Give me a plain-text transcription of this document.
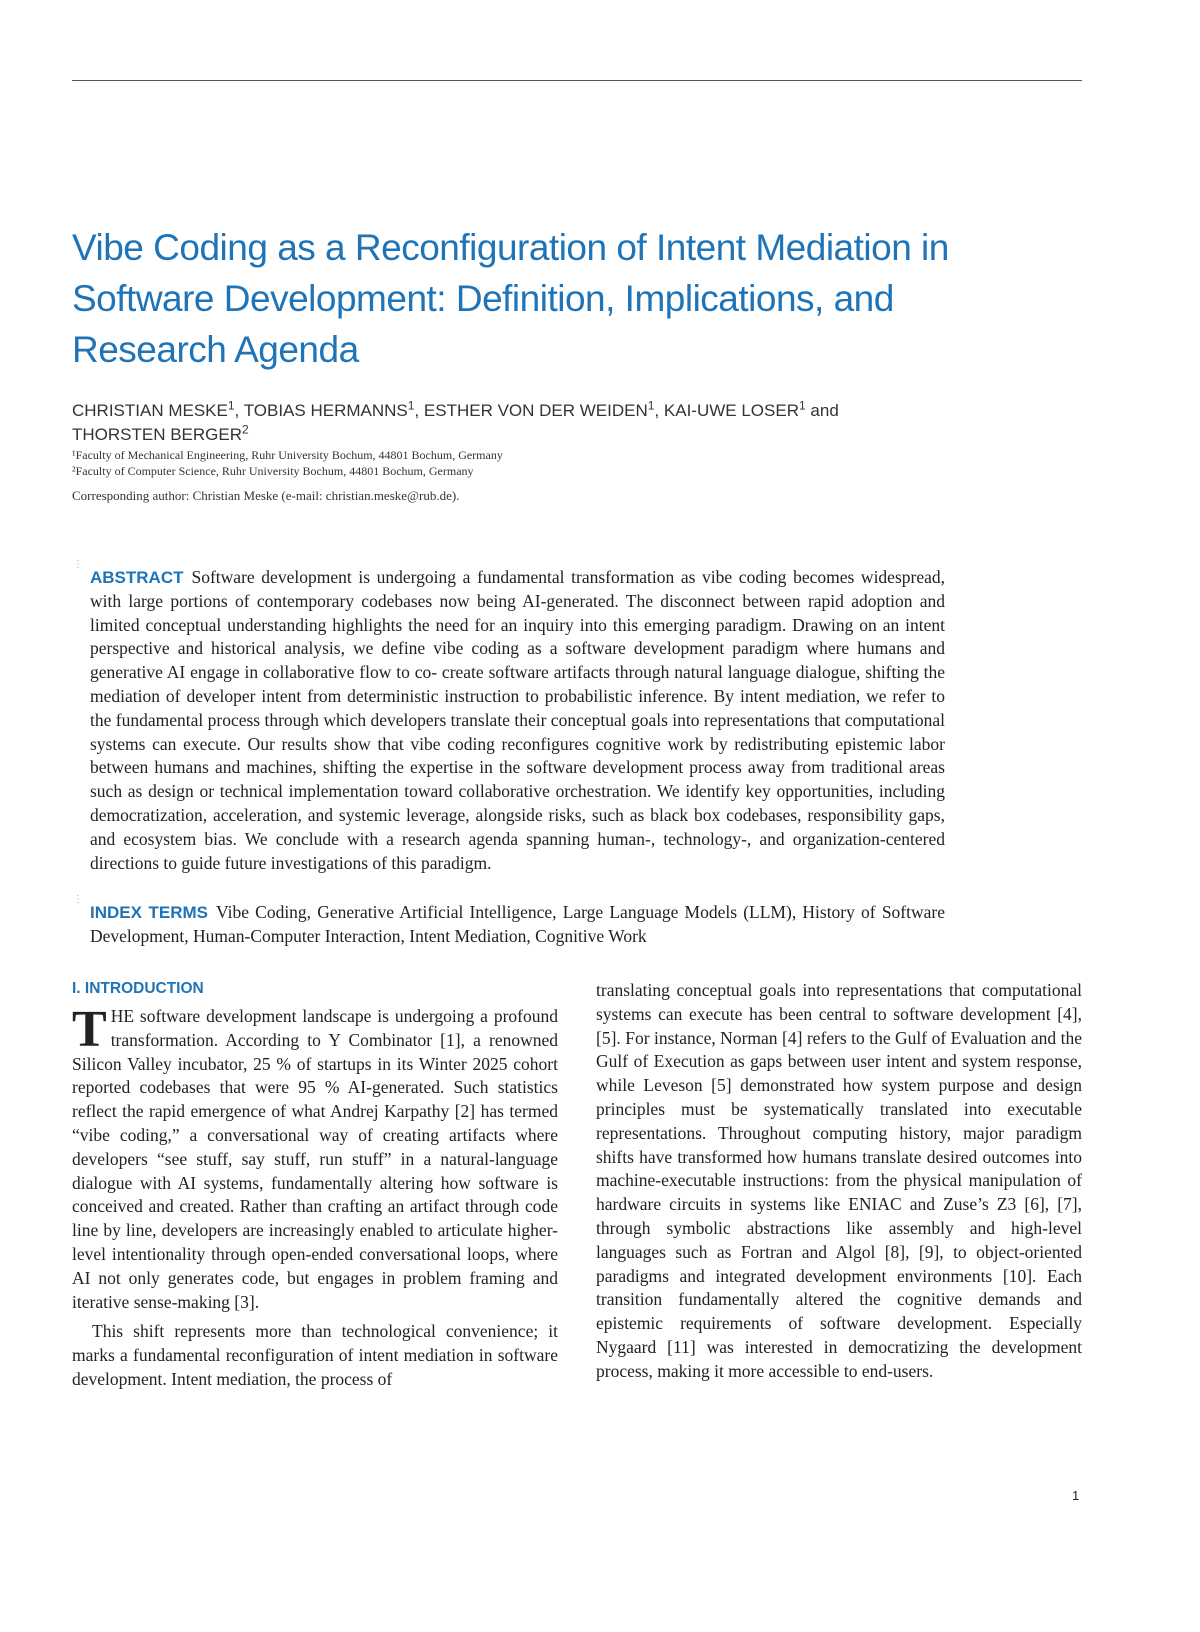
Vibe Coding as a Reconfiguration of Intent Mediation in Software Development: Definition, Implications, and Research Agenda
CHRISTIAN MESKE$^1$, TOBIAS HERMANNS$^1$, ESTHER VON DER WEIDEN$^1$, KAI-UWE LOSER$^1$ and
THORSTEN BERGER$^2$
¹Faculty of Mechanical Engineering, Ruhr University Bochum, 44801 Bochum, Germany
²Faculty of Computer Science, Ruhr University Bochum, 44801 Bochum, Germany
Corresponding author: Christian Meske (e-mail: christian.meske@rub.de).
⋮
ABSTRACT Software development is undergoing a fundamental transformation as vibe coding becomes widespread, with large portions of contemporary codebases now being AI-generated. The disconnect between rapid adoption and limited conceptual understanding highlights the need for an inquiry into this emerging paradigm. Drawing on an intent perspective and historical analysis, we define vibe coding as a software development paradigm where humans and generative AI engage in collaborative flow to co- create software artifacts through natural language dialogue, shifting the mediation of developer intent from deterministic instruction to probabilistic inference. By intent mediation, we refer to the fundamental process through which developers translate their conceptual goals into representations that computational systems can execute. Our results show that vibe coding reconfigures cognitive work by redistributing epistemic labor between humans and machines, shifting the expertise in the software development process away from traditional areas such as design or technical implementation toward collaborative orchestration. We identify key opportunities, including democratization, acceleration, and systemic leverage, alongside risks, such as black box codebases, responsibility gaps, and ecosystem bias. We conclude with a research agenda spanning human-, technology-, and organization-centered directions to guide future investigations of this paradigm.
⋮
INDEX TERMS Vibe Coding, Generative Artificial Intelligence, Large Language Models (LLM), History of Software Development, Human-Computer Interaction, Intent Mediation, Cognitive Work
I. INTRODUCTION

THE software development landscape is undergoing a profound transformation. According to Y Combinator [1], a renowned Silicon Valley incubator, 25 % of startups in its Winter 2025 cohort reported codebases that were 95 % AI-generated. Such statistics reflect the rapid emergence of what Andrej Karpathy [2] has termed “vibe coding,” a conversational way of creating artifacts where developers “see stuff, say stuff, run stuff” in a natural-language dialogue with AI systems, fundamentally altering how software is conceived and created. Rather than crafting an artifact through code line by line, developers are increasingly enabled to articulate higher-level intentionality through open-ended conversational loops, where AI not only generates code, but engages in problem framing and iterative sense-making [3].

This shift represents more than technological convenience; it marks a fundamental reconfiguration of intent mediation in software development. Intent mediation, the process of

translating conceptual goals into representations that computational systems can execute has been central to software development [4], [5]. For instance, Norman [4] refers to the Gulf of Evaluation and the Gulf of Execution as gaps between user intent and system response, while Leveson [5] demonstrated how system purpose and design principles must be systematically translated into executable representations. Throughout computing history, major paradigm shifts have transformed how humans translate desired outcomes into machine-executable instructions: from the physical manipulation of hardware circuits in systems like ENIAC and Zuse’s Z3 [6], [7], through symbolic abstractions like assembly and high-level languages such as Fortran and Algol [8], [9], to object-oriented paradigms and integrated development environments [10]. Each transition fundamentally altered the cognitive demands and epistemic requirements of software development. Especially Nygaard [11] was interested in democratizing the development process, making it more accessible to end-users.

1
